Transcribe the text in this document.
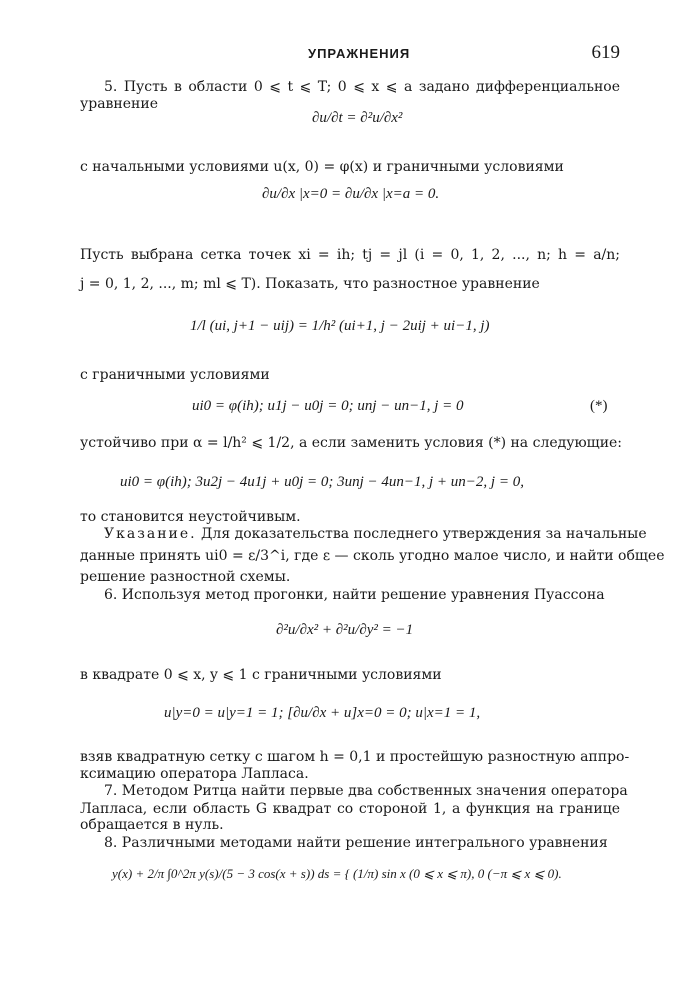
УПРАЖНЕНИЯ	619
5. Пусть в области 0 ⩽ t ⩽ T; 0 ⩽ x ⩽ a задано дифференциальное
уравнение
∂u/∂t = ∂²u/∂x²
с начальными условиями u(x, 0) = φ(x) и граничными условиями
∂u/∂x |x=0 = ∂u/∂x |x=a = 0.
Пусть выбрана сетка точек xi = ih; tj = jl (i = 0, 1, 2, ..., n; h = a/n;
j = 0, 1, 2, ..., m; ml ⩽ T). Показать, что разностное уравнение
1/l (ui, j+1 − uij) = 1/h² (ui+1, j − 2uij + ui−1, j)
с граничными условиями
ui0 = φ(ih); u1j − u0j = 0; unj − un−1, j = 0	(*)
устойчиво при α = l/h² ⩽ 1/2, а если заменить условия (*) на следующие:
ui0 = φ(ih); 3u2j − 4u1j + u0j = 0; 3unj − 4un−1, j + un−2, j = 0,
то становится неустойчивым.
Указание. Для доказательства последнего утверждения за начальные
данные принять ui0 = ε/3^i, где ε — сколь угодно малое число, и найти общее
решение разностной схемы.
6. Используя метод прогонки, найти решение уравнения Пуассона
∂²u/∂x² + ∂²u/∂y² = −1
в квадрате 0 ⩽ x, y ⩽ 1 с граничными условиями
u|y=0 = u|y=1 = 1; [∂u/∂x + u]x=0 = 0; u|x=1 = 1,
взяв квадратную сетку с шагом h = 0,1 и простейшую разностную аппро-
ксимацию оператора Лапласа.
7. Методом Ритца найти первые два собственных значения оператора
Лапласа, если область G квадрат со стороной 1, а функция на границе
обращается в нуль.
8. Различными методами найти решение интегрального уравнения
y(x) + 2/π ∫0^2π y(s)/(5 − 3 cos(x + s)) ds = { (1/π) sin x (0 ⩽ x ⩽ π), 0 (−π ⩽ x ⩽ 0).
